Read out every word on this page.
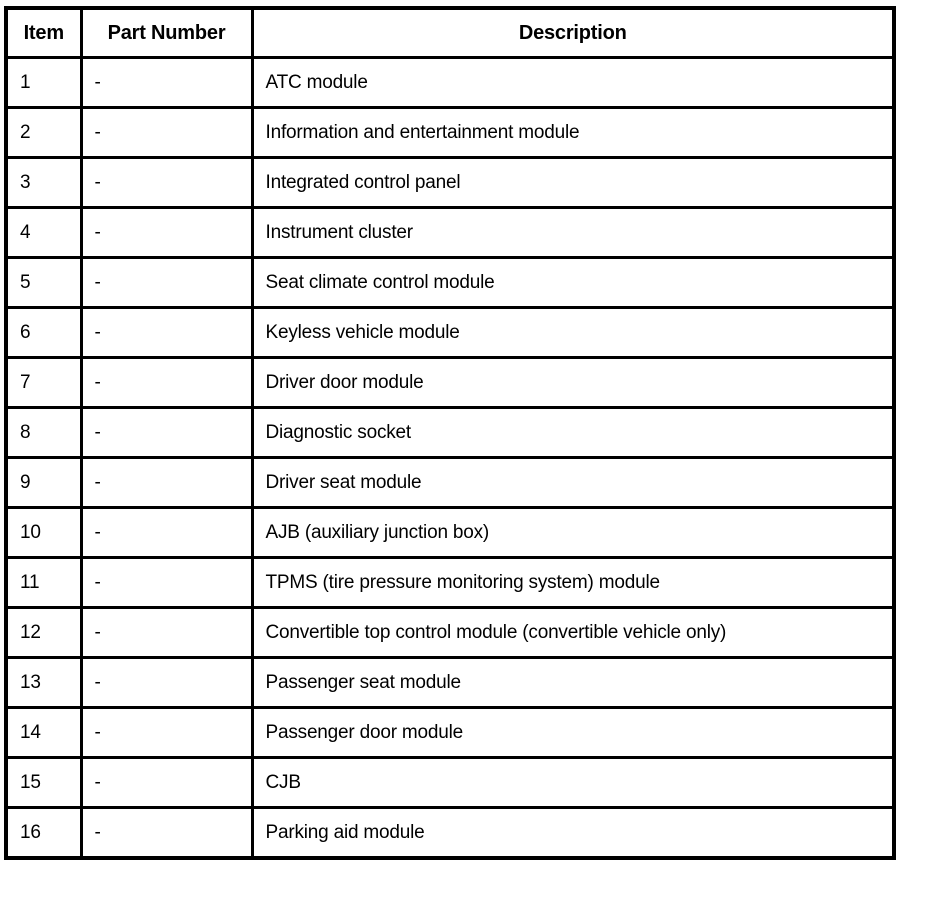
Item	Part Number	Description
1	-	ATC module
2	-	Information and entertainment module
3	-	Integrated control panel
4	-	Instrument cluster
5	-	Seat climate control module
6	-	Keyless vehicle module
7	-	Driver door module
8	-	Diagnostic socket
9	-	Driver seat module
10	-	AJB (auxiliary junction box)
11	-	TPMS (tire pressure monitoring system) module
12	-	Convertible top control module (convertible vehicle only)
13	-	Passenger seat module
14	-	Passenger door module
15	-	CJB
16	-	Parking aid module
